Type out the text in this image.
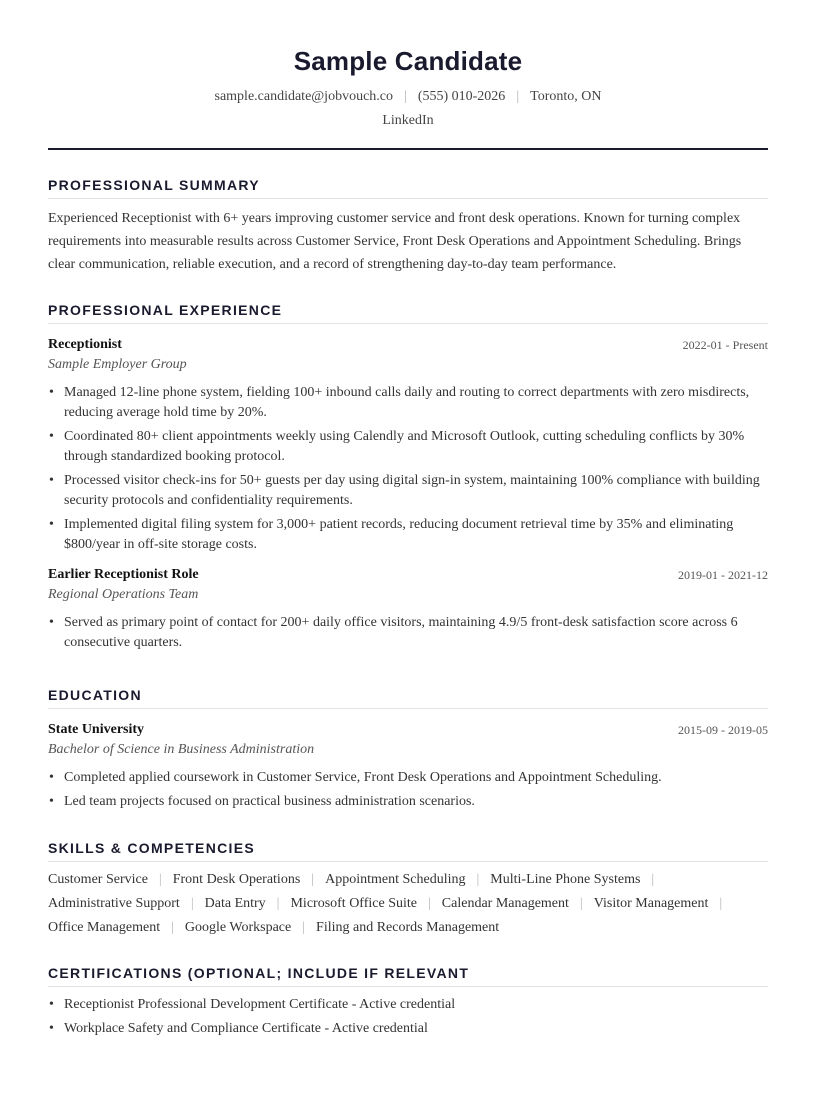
Sample Candidate
sample.candidate@jobvouch.co | (555) 010-2026 | Toronto, ON
LinkedIn
PROFESSIONAL SUMMARY
Experienced Receptionist with 6+ years improving customer service and front desk operations. Known for turning complex
requirements into measurable results across Customer Service, Front Desk Operations and Appointment Scheduling. Brings
clear communication, reliable execution, and a record of strengthening day-to-day team performance.
PROFESSIONAL EXPERIENCE
Receptionist	2022-01 - Present
Sample Employer Group
• Managed 12-line phone system, fielding 100+ inbound calls daily and routing to correct departments with zero misdirects,
reducing average hold time by 20%.
• Coordinated 80+ client appointments weekly using Calendly and Microsoft Outlook, cutting scheduling conflicts by 30%
through standardized booking protocol.
• Processed visitor check-ins for 50+ guests per day using digital sign-in system, maintaining 100% compliance with building
security protocols and confidentiality requirements.
• Implemented digital filing system for 3,000+ patient records, reducing document retrieval time by 35% and eliminating
$800/year in off-site storage costs.
Earlier Receptionist Role	2019-01 - 2021-12
Regional Operations Team
• Served as primary point of contact for 200+ daily office visitors, maintaining 4.9/5 front-desk satisfaction score across 6
consecutive quarters.
EDUCATION
State University	2015-09 - 2019-05
Bachelor of Science in Business Administration
• Completed applied coursework in Customer Service, Front Desk Operations and Appointment Scheduling.
• Led team projects focused on practical business administration scenarios.
SKILLS & COMPETENCIES
Customer Service | Front Desk Operations | Appointment Scheduling | Multi-Line Phone Systems |
Administrative Support | Data Entry | Microsoft Office Suite | Calendar Management | Visitor Management |
Office Management | Google Workspace | Filing and Records Management
CERTIFICATIONS (OPTIONAL; INCLUDE IF RELEVANT
• Receptionist Professional Development Certificate - Active credential
• Workplace Safety and Compliance Certificate - Active credential
